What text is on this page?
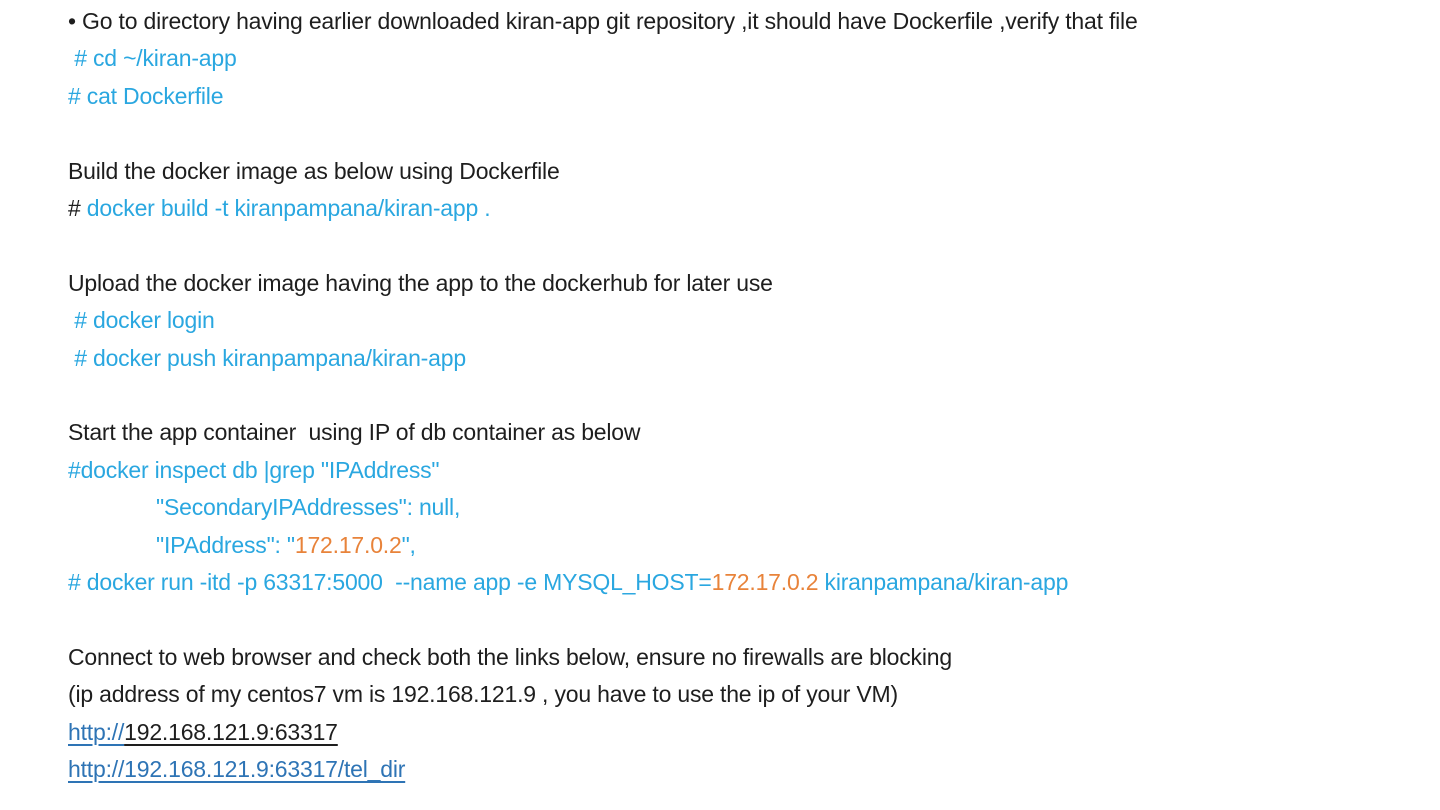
• Go to directory having earlier downloaded kiran-app git repository ,it should have Dockerfile ,verify that file
# cd ~/kiran-app
# cat Dockerfile

Build the docker image as below using Dockerfile
# docker build -t kiranpampana/kiran-app .

Upload the docker image having the app to the dockerhub for later use
# docker login
# docker push kiranpampana/kiran-app

Start the app container  using IP of db container as below
#docker inspect db |grep "IPAddress"
"SecondaryIPAddresses": null,
"IPAddress": "172.17.0.2",
# docker run -itd -p 63317:5000  --name app -e MYSQL_HOST=172.17.0.2 kiranpampana/kiran-app

Connect to web browser and check both the links below, ensure no firewalls are blocking
(ip address of my centos7 vm is 192.168.121.9 , you have to use the ip of your VM)
http://192.168.121.9:63317
http://192.168.121.9:63317/tel_dir
